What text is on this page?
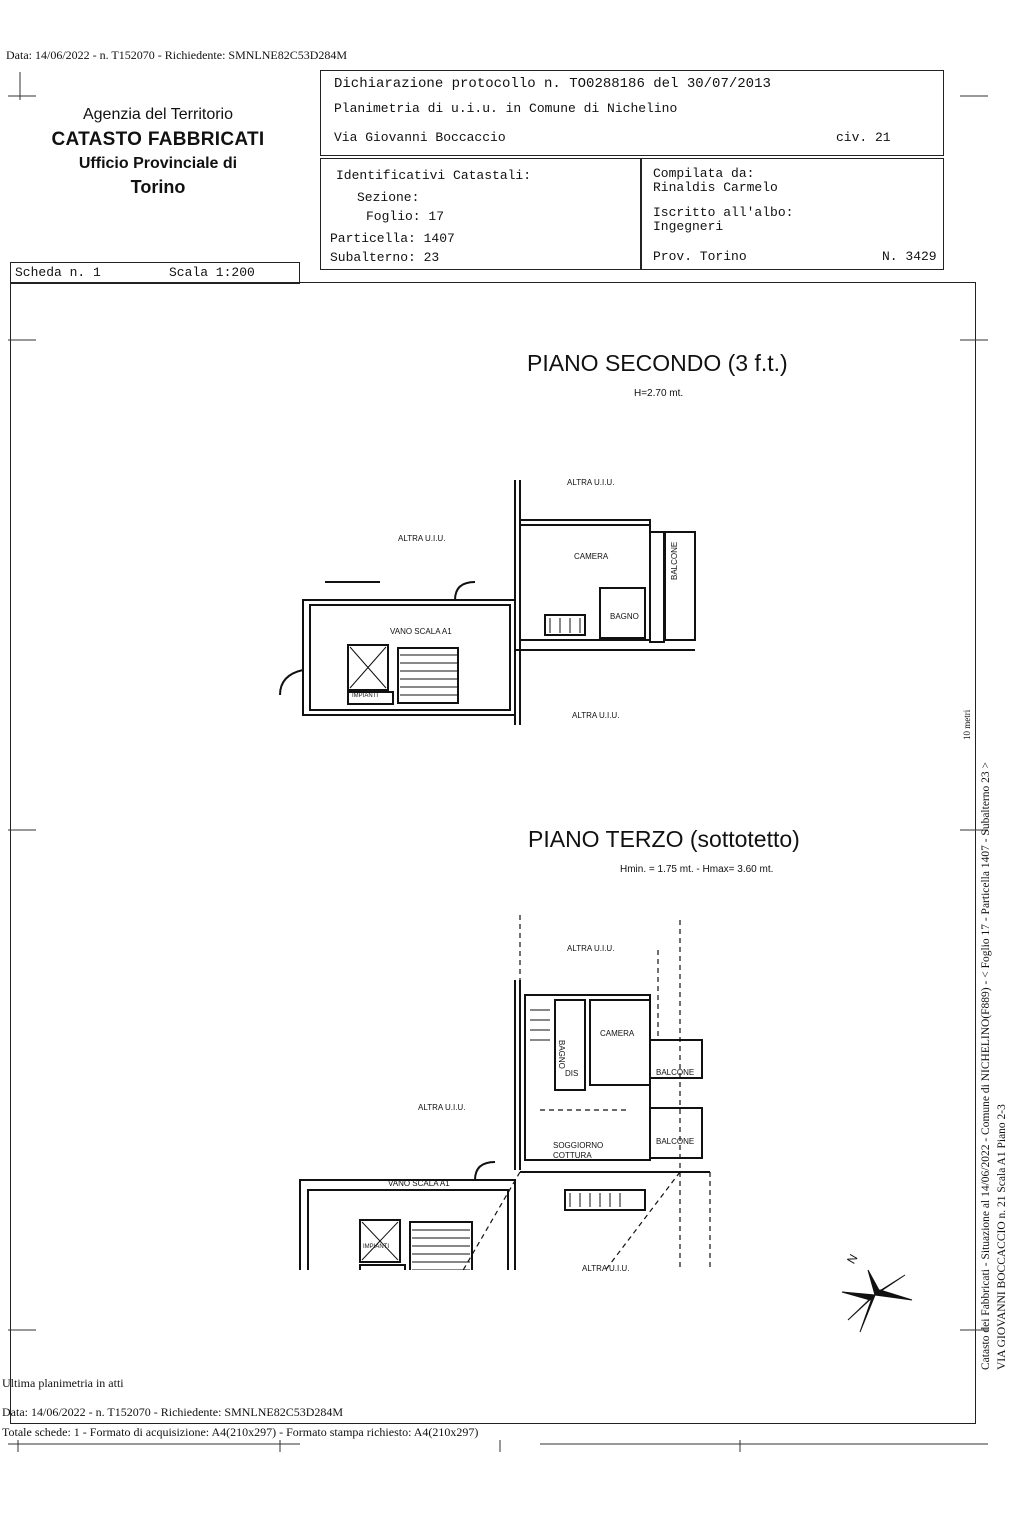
Data: 14/06/2022 - n. T152070 - Richiedente: SMNLNE82C53D284M
Agenzia del Territorio
CATASTO FABBRICATI
Ufficio Provinciale di
Torino
Dichiarazione protocollo n. TO0288186 del 30/07/2013
Planimetria di u.i.u. in Comune di Nichelino
Via Giovanni Boccaccio	civ. 21
Identificativi Catastali:
Sezione:
Foglio: 17
Particella: 1407
Subalterno: 23
Compilata da:
Rinaldis Carmelo
Iscritto all'albo:
Ingegneri
Prov. Torino	N. 3429
Scheda n. 1	Scala 1:200
PIANO SECONDO (3 f.t.)
H=2.70 mt.
ALTRA U.I.U.
ALTRA U.I.U.
CAMERA	BALCONE
BAGNO
VANO SCALA A1
IMPIANTI
ALTRA U.I.U.
PIANO TERZO (sottotetto)
Hmin. = 1.75 mt. - Hmax= 3.60 mt.
ALTRA U.I.U.
ALTRA U.I.U.
BAGNO
CAMERA
DIS	BALCONE
BALCONE
SOGGIORNO
COTTURA
VANO SCALA A1
IMPIANTI
ALTRA U.I.U.
N
Ultima planimetria in atti
Data: 14/06/2022 - n. T152070 - Richiedente: SMNLNE82C53D284M
Totale schede: 1 - Formato di acquisizione: A4(210x297) - Formato stampa richiesto: A4(210x297)
Catasto dei Fabbricati - Situazione al 14/06/2022 - Comune di NICHELINO(F889) - < Foglio 17 - Particella 1407 - Subalterno 23 > VIA GIOVANNI BOCCACCIO n. 21 Scala A1 Piano 2-3
10 metri
